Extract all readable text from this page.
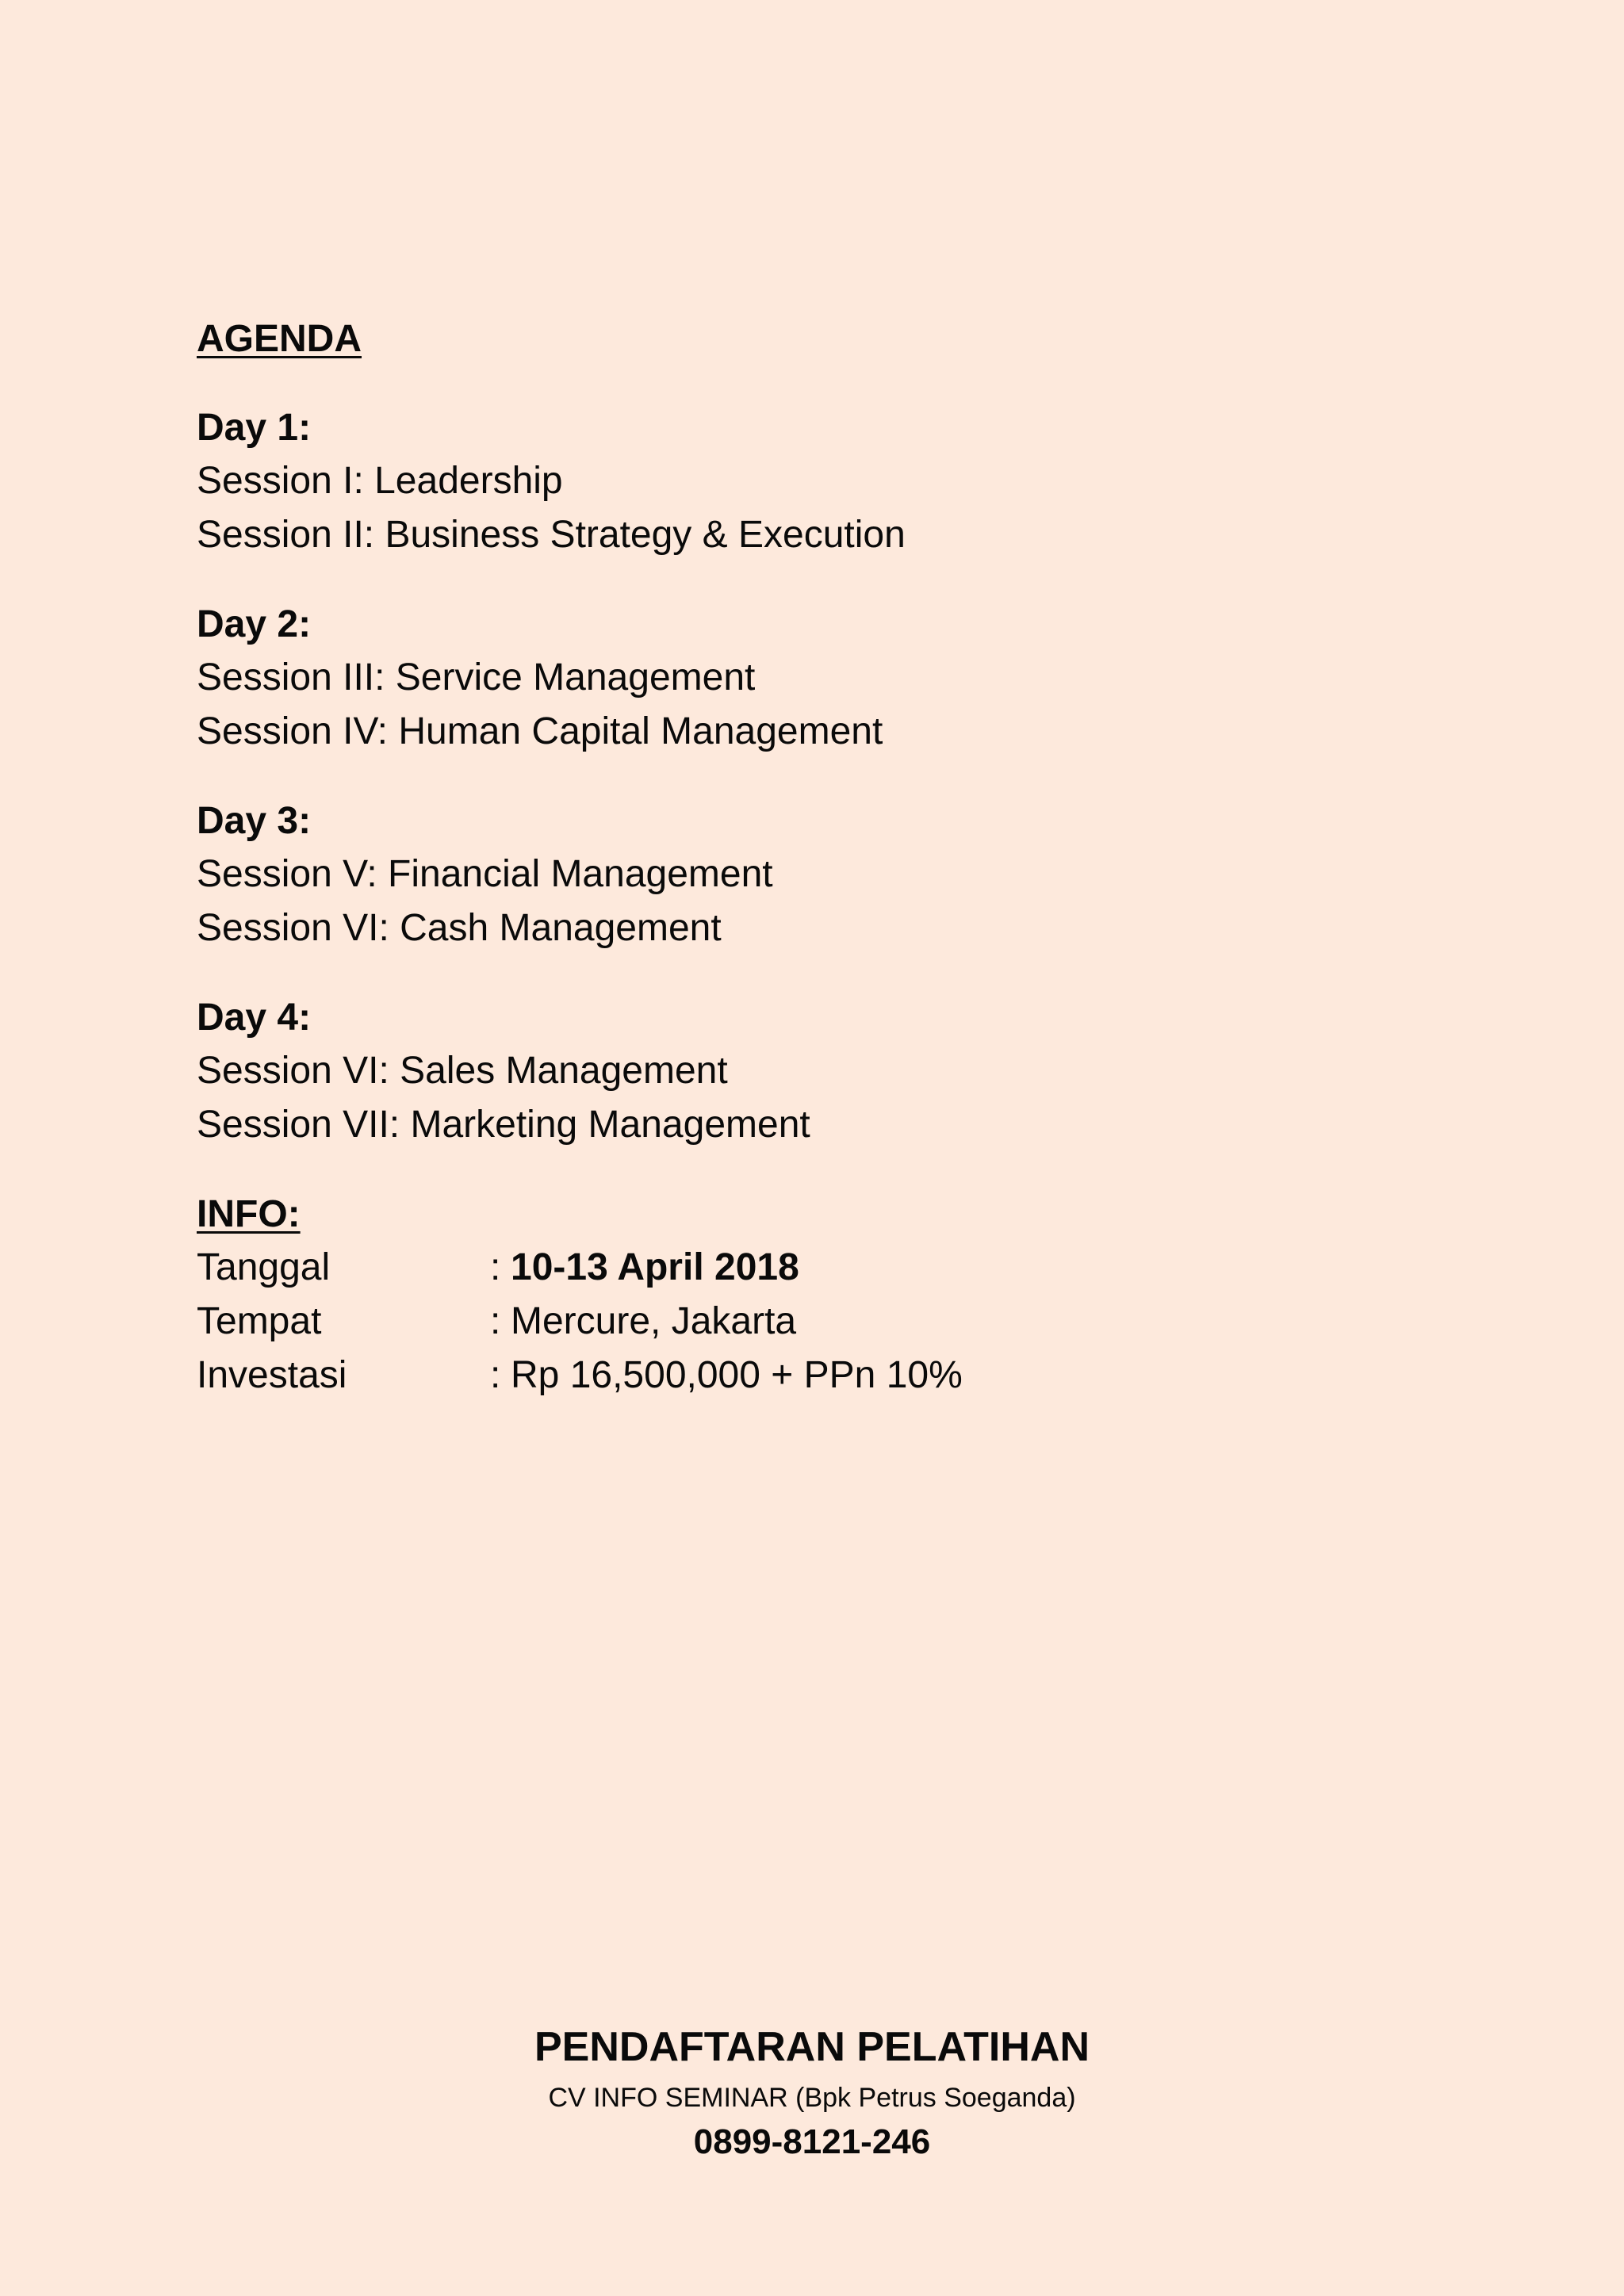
AGENDA
Day 1:
Session I: Leadership
Session II: Business Strategy & Execution
Day 2:
Session III: Service Management
Session IV: Human Capital Management
Day 3:
Session V: Financial Management
Session VI: Cash Management
Day 4:
Session VI: Sales Management
Session VII: Marketing Management
INFO:
Tanggal	: 10-13 April 2018
Tempat	: Mercure, Jakarta
Investasi	: Rp 16,500,000 + PPn 10%
PENDAFTARAN PELATIHAN
CV INFO SEMINAR (Bpk Petrus Soeganda)
0899-8121-246
